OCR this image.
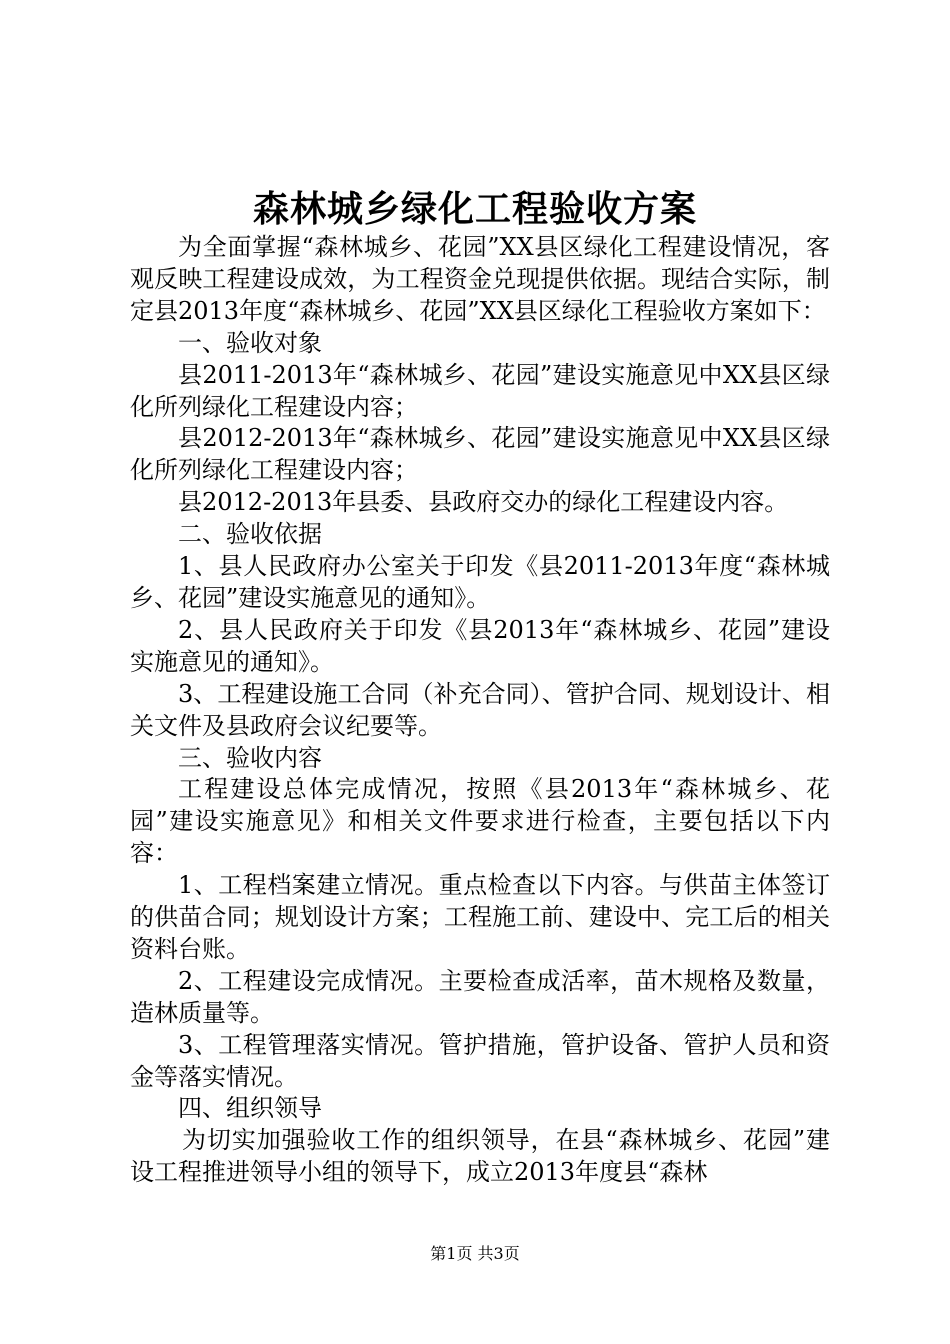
森林城乡绿化工程验收方案

为全面掌握“森林城乡、花园”XX县区绿化工程建设情况，客观反映工程建设成效，为工程资金兑现提供依据。现结合实际，制定县2013年度“森林城乡、花园”XX县区绿化工程验收方案如下：

一、验收对象

县2011-2013年“森林城乡、花园”建设实施意见中XX县区绿化所列绿化工程建设内容；

县2012-2013年“森林城乡、花园”建设实施意见中XX县区绿化所列绿化工程建设内容；

县2012-2013年县委、县政府交办的绿化工程建设内容。

二、验收依据

1、县人民政府办公室关于印发《县2011-2013年度“森林城乡、花园”建设实施意见的通知》。

2、县人民政府关于印发《县2013年“森林城乡、花园”建设实施意见的通知》。

3、工程建设施工合同（补充合同）、管护合同、规划设计、相关文件及县政府会议纪要等。

三、验收内容

工程建设总体完成情况，按照《县2013年“森林城乡、花园”建设实施意见》和相关文件要求进行检查，主要包括以下内容：

1、工程档案建立情况。重点检查以下内容。与供苗主体签订的供苗合同；规划设计方案；工程施工前、建设中、完工后的相关资料台账。

2、工程建设完成情况。主要检查成活率，苗木规格及数量，造林质量等。

3、工程管理落实情况。管护措施，管护设备、管护人员和资金等落实情况。

四、组织领导

为切实加强验收工作的组织领导，在县“森林城乡、花园”建设工程推进领导小组的领导下，成立2013年度县“森林

第1页 共3页
